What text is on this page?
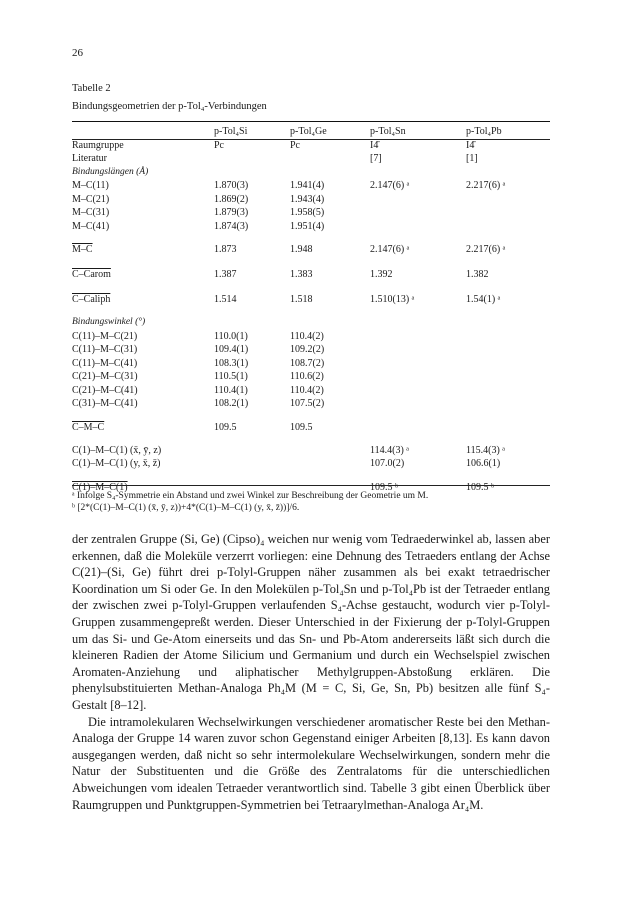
26
Tabelle 2
Bindungsgeometrien der p-Tol₄-Verbindungen
	p-Tol₄Si	p-Tol₄Ge	p-Tol₄Sn	p-Tol₄Pb
Raumgruppe	Pc	Pc	I4̄	I4̄
Literatur			[7]	[1]
Bindungslängen (Å)				
M–C(11)	1.870(3)	1.941(4)	2.147(6) ᵃ	2.217(6) ᵃ
M–C(21)	1.869(2)	1.943(4)		
M–C(31)	1.879(3)	1.958(5)		
M–C(41)	1.874(3)	1.951(4)		

M–C	1.873	1.948	2.147(6) ᵃ	2.217(6) ᵃ

C–Carom	1.387	1.383	1.392	1.382

C–Caliph	1.514	1.518	1.510(13) ᵃ	1.54(1) ᵃ

Bindungswinkel (°)				
C(11)–M–C(21)	110.0(1)	110.4(2)		
C(11)–M–C(31)	109.4(1)	109.2(2)		
C(11)–M–C(41)	108.3(1)	108.7(2)		
C(21)–M–C(31)	110.5(1)	110.6(2)		
C(21)–M–C(41)	110.4(1)	110.4(2)		
C(31)–M–C(41)	108.2(1)	107.5(2)		

C–M–C	109.5	109.5		

C(1)–M–C(1) (x̄, ȳ, z)			114.4(3) ᵃ	115.4(3) ᵃ
C(1)–M–C(1) (y, x̄, z̄)			107.0(2)	106.6(1)

C(1)–M–C(1)			109.5 ᵇ	109.5 ᵇ
ᵃ Infolge S₄-Symmetrie ein Abstand und zwei Winkel zur Beschreibung der Geometrie um M.
ᵇ [2*(C(1)–M–C(1) (x̄, ȳ, z))+4*(C(1)–M–C(1) (y, x̄, z̄))]/6.

der zentralen Gruppe (Si, Ge) (Cipso)₄ weichen nur wenig vom Tedraederwinkel ab, lassen aber erkennen, daß die Moleküle verzerrt vorliegen: eine Dehnung des Tetraeders entlang der Achse C(21)–(Si, Ge) führt drei p-Tolyl-Gruppen näher zusammen als bei exakt tetraedrischer Koordination um Si oder Ge. In den Molekülen p-Tol₄Sn und p-Tol₄Pb ist der Tetraeder entlang der zwischen zwei p-Tolyl-Gruppen verlaufenden S₄-Achse gestaucht, wodurch vier p-Tolyl-Gruppen zusammengepreßt werden. Dieser Unterschied in der Fixierung der p-Tolyl-Gruppen um das Si- und Ge-Atom einerseits und das Sn- und Pb-Atom andererseits läßt sich durch die kleineren Radien der Atome Silicium und Germanium und durch ein Wechselspiel zwischen Aromaten-Anziehung und aliphatischer Methylgruppen-Abstoßung erklären. Die phenylsubstituierten Methan-Analoga Ph₄M (M = C, Si, Ge, Sn, Pb) besitzen alle fünf S₄-Gestalt [8–12].

Die intramolekularen Wechselwirkungen verschiedener aromatischer Reste bei den Methan-Analoga der Gruppe 14 waren zuvor schon Gegenstand einiger Arbeiten [8,13]. Es kann davon ausgegangen werden, daß nicht so sehr intermolekulare Wechselwirkungen, sondern mehr die Natur der Substituenten und die Größe des Zentralatoms für die unterschiedlichen Abweichungen vom idealen Tetraeder verantwortlich sind. Tabelle 3 gibt einen Überblick über Raumgruppen und Punktgruppen-Symmetrien bei Tetraarylmethan-Analoga Ar₄M.
